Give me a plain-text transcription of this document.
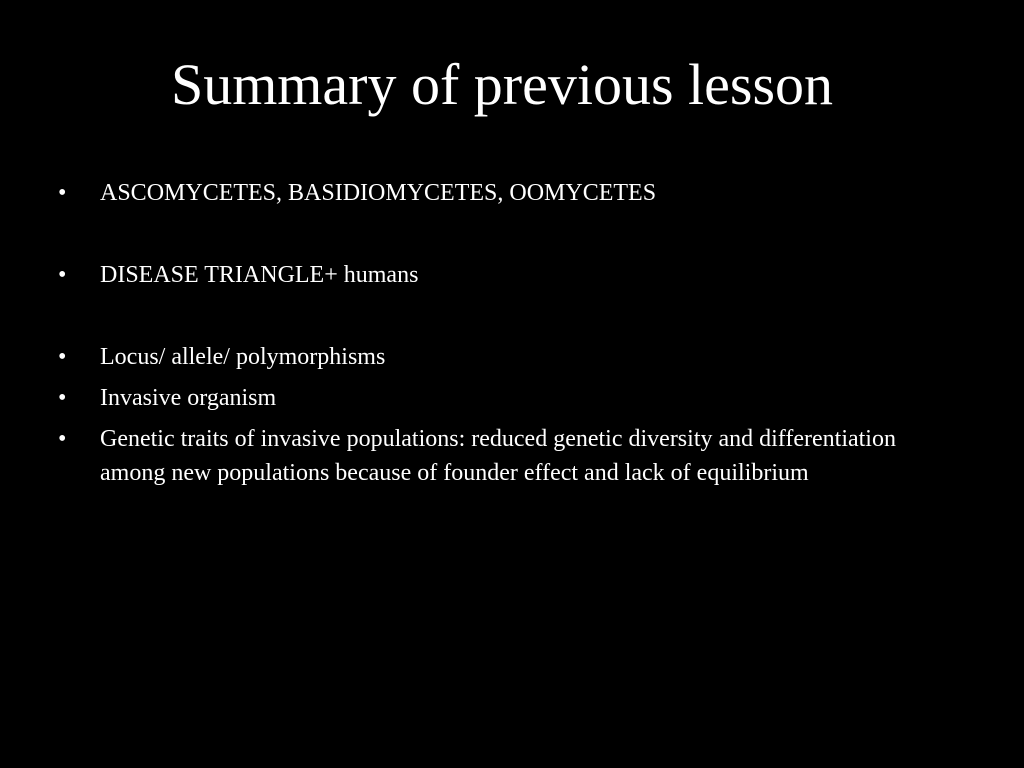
Summary of previous lesson
•	ASCOMYCETES, BASIDIOMYCETES, OOMYCETES
•	DISEASE TRIANGLE+ humans
•	Locus/ allele/ polymorphisms
•	Invasive organism
•	Genetic traits of invasive populations: reduced genetic diversity and differentiation among new populations because of founder effect and lack of equilibrium
